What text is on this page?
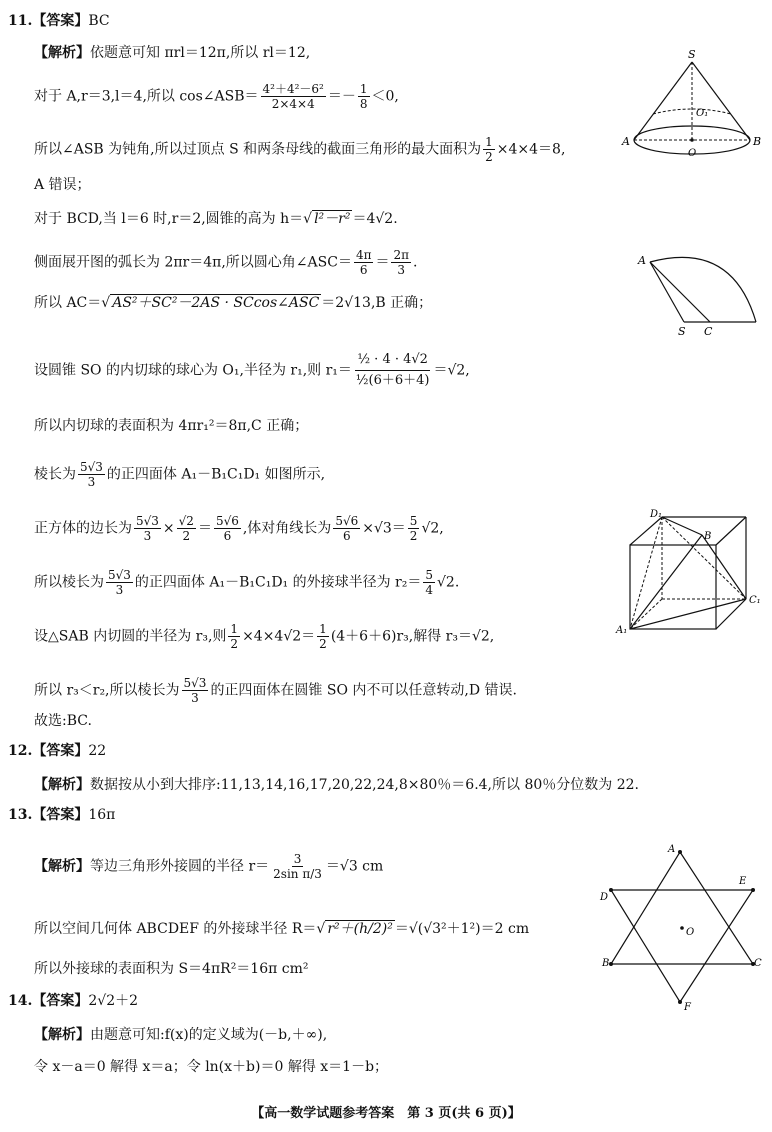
11.【答案】BC
【解析】依题意可知 πrl＝12π,所以 rl＝12,
对于 A,r＝3,l＝4,所以 cos∠ASB＝ $\frac{\text{4²＋4²－6²}}{2\times 4\times 4} =- \frac{1}{8} <0$,
所以∠ASB 为钝角,所以过顶点 S 和两条母线的截面三角形的最大面积为 $\frac{1}{2} \times 4\times 4=8$,
A 错误；
对于 BCD,当 l＝6 时,r＝2,圆锥的高为 h＝√ l²－r² ＝4√2.
侧面展开图的弧长为 2πr＝4π,所以圆心角∠ASC＝ $\frac{4\pi}{6} = \frac{2\pi}{3}$ .
所以 AC＝√ AS²＋SC²－2AS · SCcos∠ASC ＝2√13,B 正确；
设圆锥 SO 的内切球的球心为 O₁,半径为 r₁,则 $r_1= \frac{\text{½ · 4 · 4√2}}{\text{½(6＋6＋4)}} =√2$,
所以内切球的表面积为 4πr₁²＝8π,C 正确；
棱长为 $\frac{5√3}{3}$ 的正四面体 A₁－B₁C₁D₁ 如图所示,
正方体的边长为 $\frac{5√3}{3} \times \frac{√2}{2} = \frac{5√6}{6}$ ,体对角线长为 $\frac{5√6}{6} \times√3= \frac{5}{2} √2$,
所以棱长为 $\frac{5√3}{3}$ 的正四面体 A₁－B₁C₁D₁ 的外接球半径为 $r_2= \frac{5}{4} √2$.
设△SAB 内切圆的半径为 r₃,则 $\frac{1}{2} \times 4\times 4√2= \frac{1}{2} (4+6+6)r_3$,解得 r₃＝√2,
所以 r₃＜r₂,所以棱长为 $\frac{5√3}{3}$ 的正四面体在圆锥 SO 内不可以任意转动,D 错误.
故选:BC.
12.【答案】22
【解析】数据按从小到大排序:11,13,14,16,17,20,22,24,8×80％＝6.4,所以 80％分位数为 22.
13.【答案】16π
【解析】等边三角形外接圆的半径 $r= \frac{3}{\text{2sin π/3}} =√3$ cm
所以空间几何体 ABCDEF 的外接球半径 R＝√ r²＋(h/2)² ＝√(√3²＋1²)＝2 cm
所以外接球的表面积为 S＝4πR²＝16π cm²
14.【答案】2√2＋2
【解析】由题意可知:f(x)的定义域为(－b,＋∞),
令 x－a＝0 解得 x＝a；令 ln(x＋b)＝0 解得 x＝1－b；
S
O₁
A
O
B
A
S C
D₁
B
C₁
A₁
A
E
D
O
B	C
F
【高一数学试题参考答案　第 3 页(共 6 页)】
